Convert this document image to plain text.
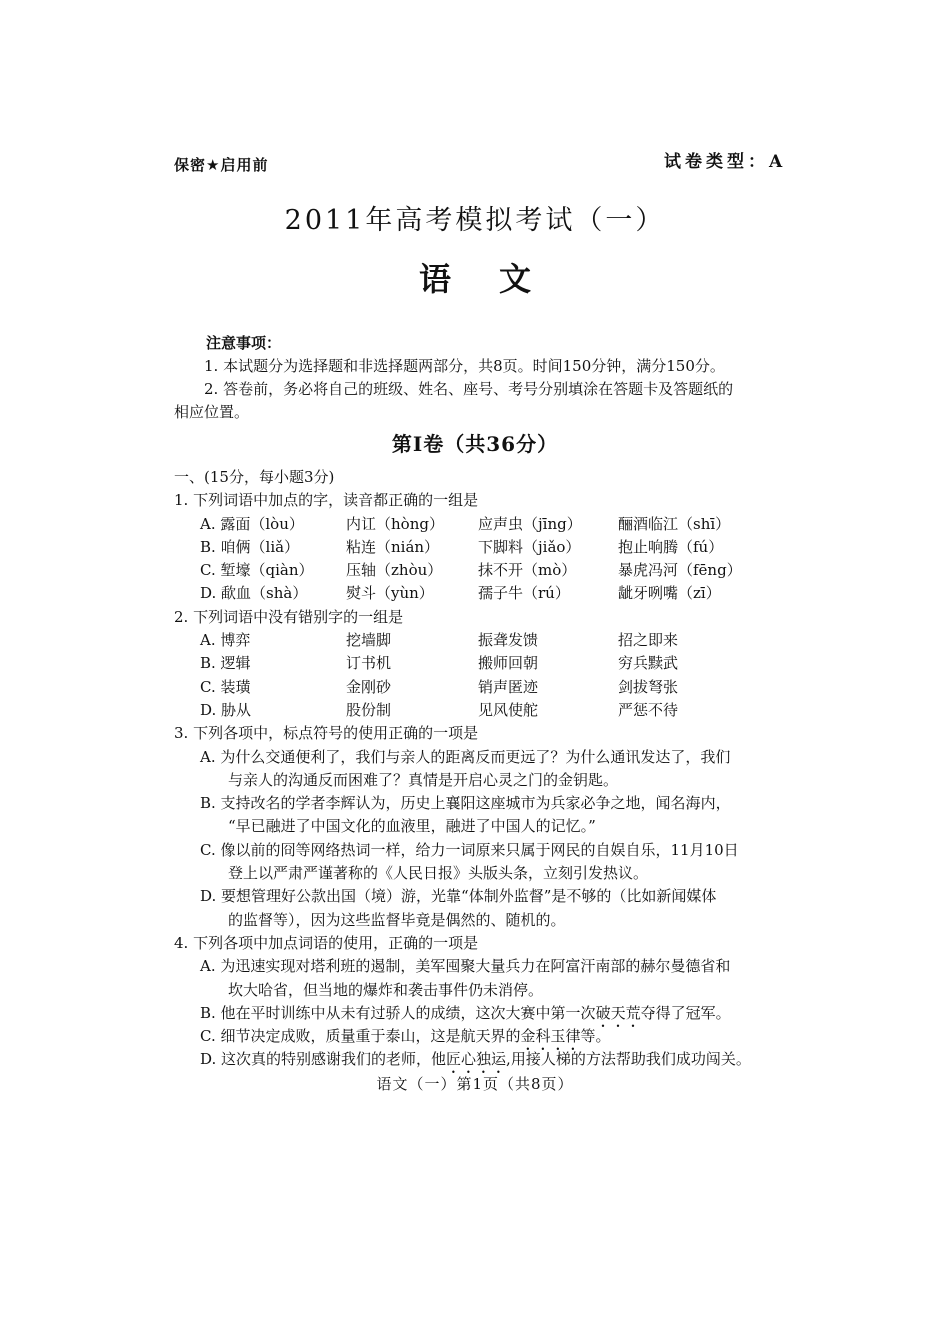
保密★启用前	试卷类型：A
2011年高考模拟考试（一）
语文
注意事项：
1. 本试题分为选择题和非选择题两部分，共8页。时间150分钟，满分150分。
2. 答卷前，务必将自己的班级、姓名、座号、考号分别填涂在答题卡及答题纸的
相应位置。
第Ⅰ卷（共36分）
一、(15分，每小题3分)
1. 下列词语中加点的字，读音都正确的一组是
A. 露面（lòu）	内讧（hòng）	应声虫（jīng）	酾酒临江（shī）
B. 咱俩（liǎ）	粘连（nián）	下脚料（jiǎo）	抱止响腾（fú）
C. 堑壕（qiàn）	压轴（zhòu）	抹不开（mò）	暴虎冯河（fēng）
D. 歃血（shà）	熨斗（yùn）	孺子牛（rú）	龇牙咧嘴（zī）
2. 下列词语中没有错别字的一组是
A. 博弈	挖墙脚	振聋发馈	招之即来
B. 逻辑	订书机	搬师回朝	穷兵黩武
C. 装璜	金刚砂	销声匿迹	剑拔弩张
D. 胁从	股份制	见风使舵	严惩不待
3. 下列各项中，标点符号的使用正确的一项是
A. 为什么交通便利了，我们与亲人的距离反而更远了？为什么通讯发达了，我们
与亲人的沟通反而困难了？真情是开启心灵之门的金钥匙。
B. 支持改名的学者李辉认为，历史上襄阳这座城市为兵家必争之地，闻名海内，
“早已融进了中国文化的血液里，融进了中国人的记忆。”
C. 像以前的冏等网络热词一样，给力一词原来只属于网民的自娱自乐，11月10日
登上以严肃严谨著称的《人民日报》头版头条，立刻引发热议。
D. 要想管理好公款出国（境）游，光靠“体制外监督”是不够的（比如新闻媒体
的监督等），因为这些监督毕竟是偶然的、随机的。
4. 下列各项中加点词语的使用，正确的一项是
A. 为迅速实现对塔利班的遏制，美军囤聚大量兵力在阿富汗南部的赫尔曼德省和
坎大哈省，但当地的爆炸和袭击事件仍未消停。
B. 他在平时训练中从未有过骄人的成绩，这次大赛中第一次破天荒夺得了冠军。
C. 细节决定成败，质量重于泰山，这是航天界的金科玉律等。
D. 这次真的特别感谢我们的老师，他匠心独运,用接人梯的方法帮助我们成功闯关。
语文（一）第1页（共8页）
